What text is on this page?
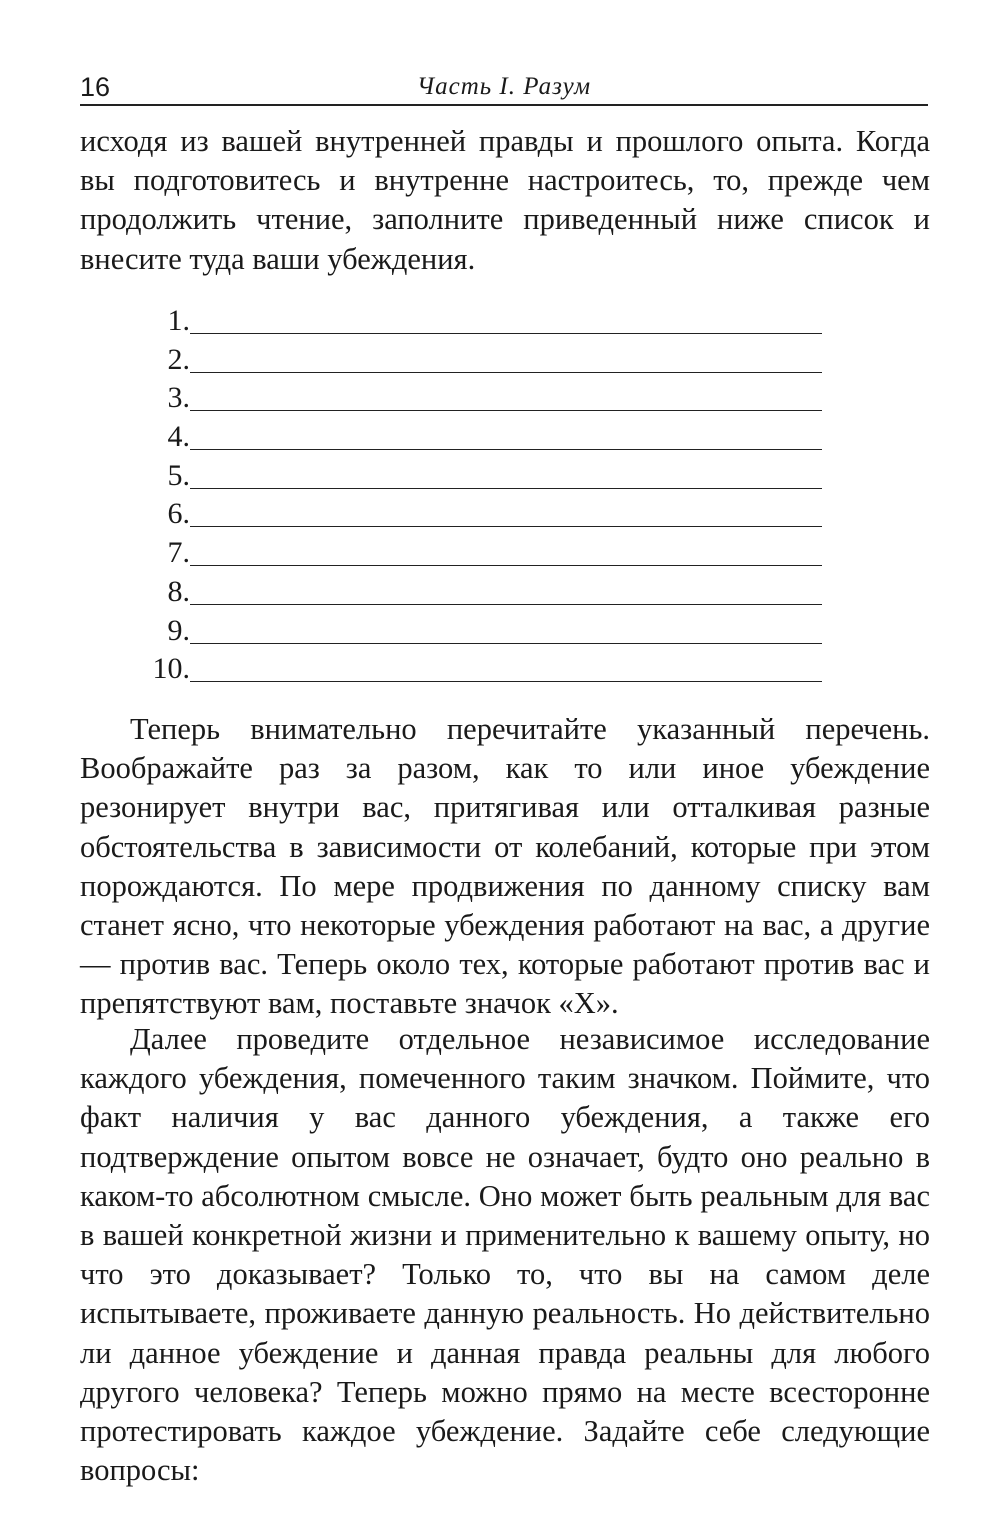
16	Часть I. Разум

исходя из вашей внутренней правды и прошлого опыта. Когда вы подготовитесь и внутренне настроитесь, то, прежде чем продолжить чтение, заполните приведенный ниже список и внесите туда ваши убеждения.

1.
2.
3.
4.
5.
6.
7.
8.
9.
10.

Теперь внимательно перечитайте указанный перечень. Воображайте раз за разом, как то или иное убеждение резонирует внутри вас, притягивая или отталкивая разные обстоятельства в зависимости от колебаний, которые при этом порождаются. По мере продвижения по данному списку вам станет ясно, что некоторые убеждения работают на вас, а другие — против вас. Теперь около тех, которые работают против вас и препятствуют вам, поставьте значок «Х».

Далее проведите отдельное независимое исследование каждого убеждения, помеченного таким значком. Поймите, что факт наличия у вас данного убеждения, а также его подтверждение опытом вовсе не означает, будто оно реально в каком-то абсолютном смысле. Оно может быть реальным для вас в вашей конкретной жизни и применительно к вашему опыту, но что это доказывает? Только то, что вы на самом деле испытываете, проживаете данную реальность. Но действительно ли данное убеждение и данная правда реальны для любого другого человека? Теперь можно прямо на месте всесторонне протестировать каждое убеждение. Задайте себе следующие вопросы:
